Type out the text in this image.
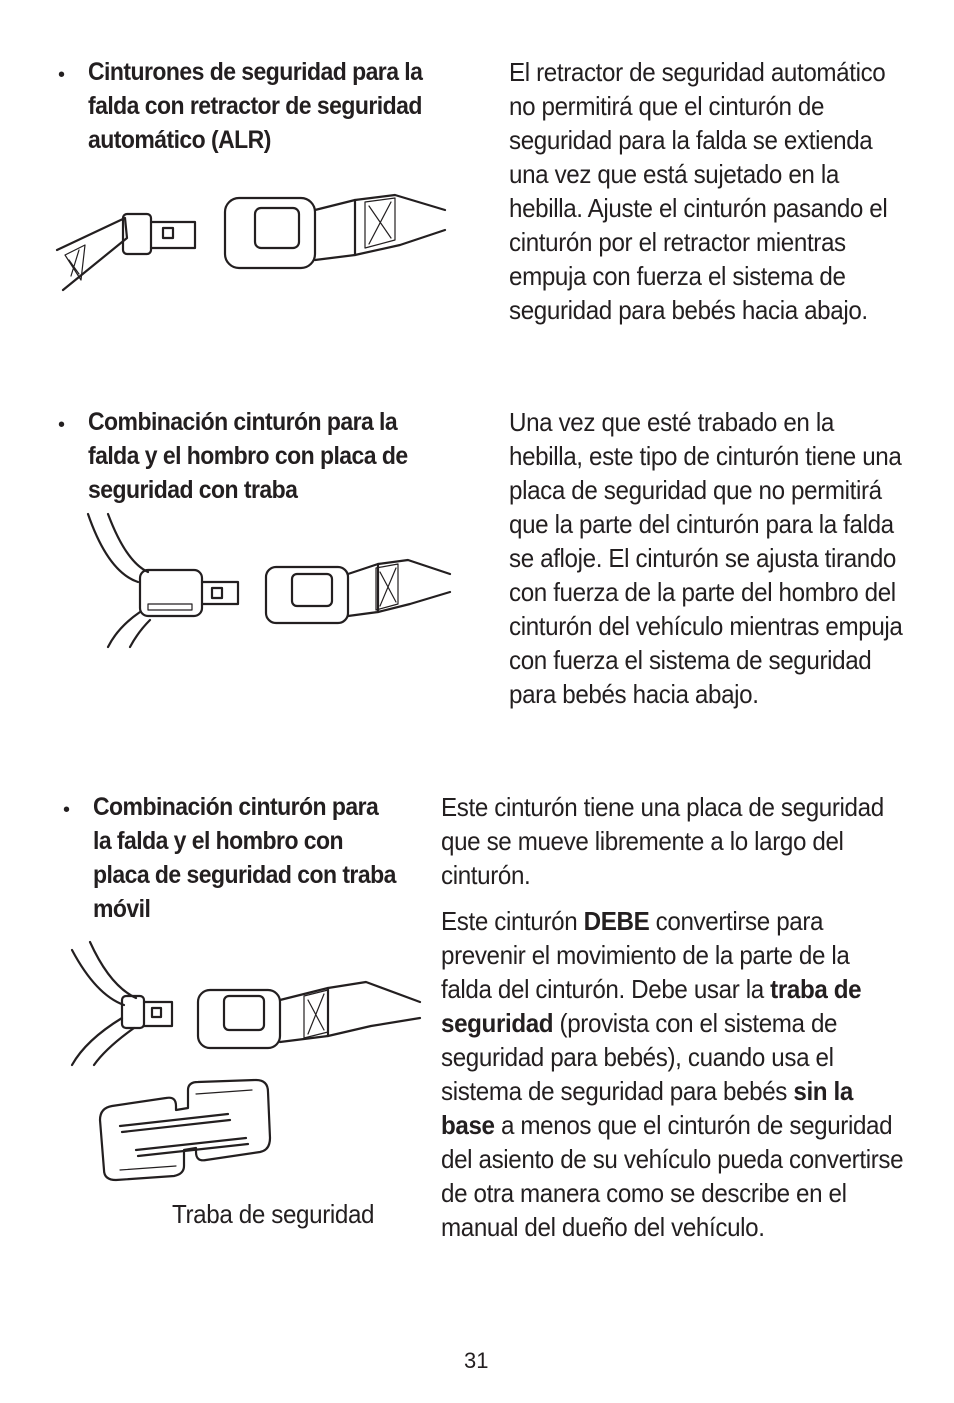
• Cinturones de seguridad para la falda con retractor de seguridad automático (ALR)

El retractor de seguridad automático no permitirá que el cinturón de seguridad para la falda se extienda una vez que está sujetado en la hebilla. Ajuste el cinturón pasando el cinturón por el retractor mientras empuja con fuerza el sistema de seguridad para bebés hacia abajo.

• Combinación cinturón para la falda y el hombro con placa de seguridad con traba

Una vez que esté trabado en la hebilla, este tipo de cinturón tiene una placa de seguridad que no permitirá que la parte del cinturón para la falda se afloje. El cinturón se ajusta tirando con fuerza de la parte del hombro del cinturón del vehículo mientras empuja con fuerza el sistema de seguridad para bebés hacia abajo.

• Combinación cinturón para la falda y el hombro con placa de seguridad con traba móvil

Este cinturón tiene una placa de seguridad que se mueve libremente a lo largo del cinturón.

Este cinturón DEBE convertirse para prevenir el movimiento de la parte de la falda del cinturón. Debe usar la traba de seguridad (provista con el sistema de seguridad para bebés), cuando usa el sistema de seguridad para bebés sin la base a menos que el cinturón de seguridad del asiento de su vehículo pueda convertirse de otra manera como se describe en el manual del dueño del vehículo.

Traba de seguridad
31
